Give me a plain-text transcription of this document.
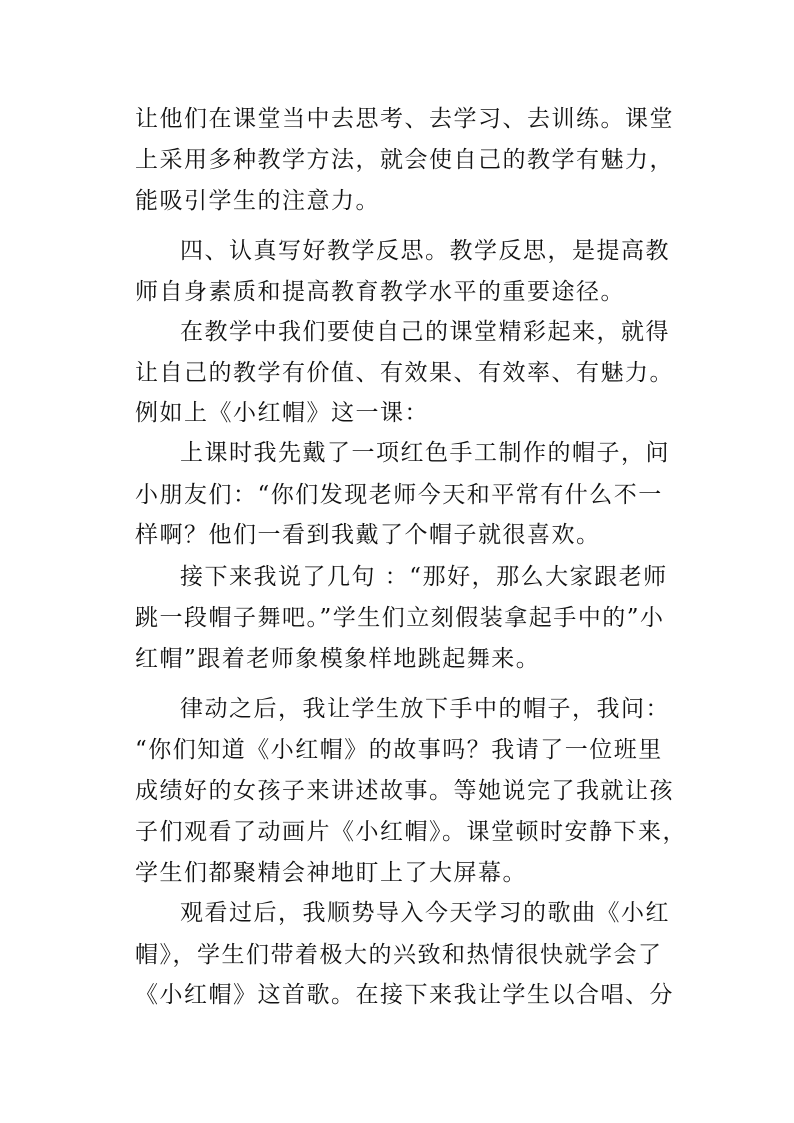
让他们在课堂当中去思考、去学习、去训练。课堂
上采用多种教学方法，就会使自己的教学有魅力，
能吸引学生的注意力。
四、认真写好教学反思。教学反思，是提高教
师自身素质和提高教育教学水平的重要途径。
在教学中我们要使自己的课堂精彩起来，就得
让自己的教学有价值、有效果、有效率、有魅力。
例如上《小红帽》这一课：
上课时我先戴了一项红色手工制作的帽子，问
小朋友们：“你们发现老师今天和平常有什么不一
样啊？他们一看到我戴了个帽子就很喜欢。
接下来我说了几句 ：“那好，那么大家跟老师
跳一段帽子舞吧。”学生们立刻假装拿起手中的”小
红帽”跟着老师象模象样地跳起舞来。
律动之后，我让学生放下手中的帽子，我问：
“你们知道《小红帽》的故事吗？我请了一位班里
成绩好的女孩子来讲述故事。等她说完了我就让孩
子们观看了动画片《小红帽》。课堂顿时安静下来，
学生们都聚精会神地盯上了大屏幕。
观看过后，我顺势导入今天学习的歌曲《小红
帽》，学生们带着极大的兴致和热情很快就学会了
《小红帽》这首歌。在接下来我让学生以合唱、分
